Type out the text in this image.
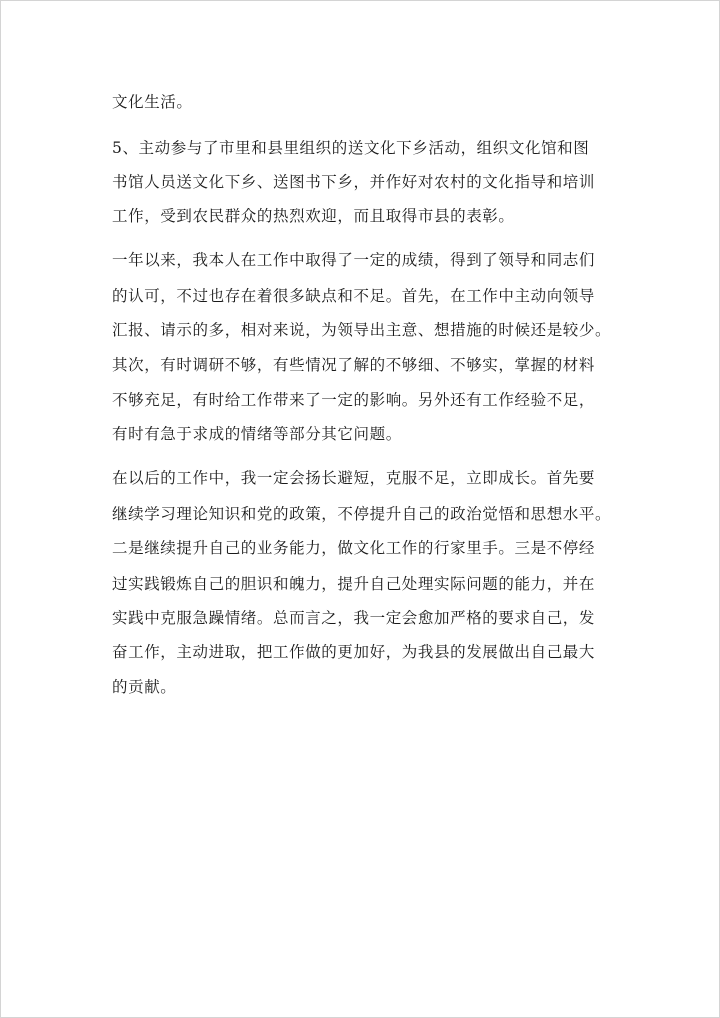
文化生活。
5、主动参与了市里和县里组织的送文化下乡活动，组织文化馆和图
书馆人员送文化下乡、送图书下乡，并作好对农村的文化指导和培训
工作，受到农民群众的热烈欢迎，而且取得市县的表彰。
一年以来，我本人在工作中取得了一定的成绩，得到了领导和同志们
的认可，不过也存在着很多缺点和不足。首先，在工作中主动向领导
汇报、请示的多，相对来说，为领导出主意、想措施的时候还是较少。
其次，有时调研不够，有些情况了解的不够细、不够实，掌握的材料
不够充足，有时给工作带来了一定的影响。另外还有工作经验不足，
有时有急于求成的情绪等部分其它问题。
在以后的工作中，我一定会扬长避短，克服不足，立即成长。首先要
继续学习理论知识和党的政策，不停提升自己的政治觉悟和思想水平。
二是继续提升自己的业务能力，做文化工作的行家里手。三是不停经
过实践锻炼自己的胆识和魄力，提升自己处理实际问题的能力，并在
实践中克服急躁情绪。总而言之，我一定会愈加严格的要求自己，发
奋工作，主动进取，把工作做的更加好，为我县的发展做出自己最大
的贡献。
